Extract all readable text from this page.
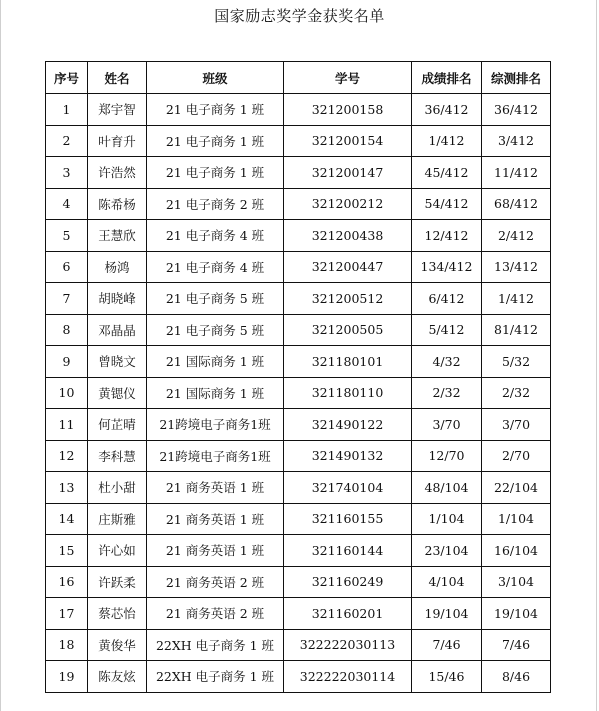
国家励志奖学金获奖名单
序号	姓名	班级	学号	成绩排名	综测排名
1	郑宇智	21 电子商务 1 班	321200158	36/412	36/412
2	叶育升	21 电子商务 1 班	321200154	1/412	3/412
3	许浩然	21 电子商务 1 班	321200147	45/412	11/412
4	陈希杨	21 电子商务 2 班	321200212	54/412	68/412
5	王慧欣	21 电子商务 4 班	321200438	12/412	2/412
6	杨鸿	21 电子商务 4 班	321200447	134/412	13/412
7	胡晓峰	21 电子商务 5 班	321200512	6/412	1/412
8	邓晶晶	21 电子商务 5 班	321200505	5/412	81/412
9	曾晓文	21 国际商务 1 班	321180101	4/32	5/32
10	黄锶仪	21 国际商务 1 班	321180110	2/32	2/32
11	何芷晴	21跨境电子商务1班	321490122	3/70	3/70
12	李科慧	21跨境电子商务1班	321490132	12/70	2/70
13	杜小甜	21 商务英语 1 班	321740104	48/104	22/104
14	庄斯雅	21 商务英语 1 班	321160155	1/104	1/104
15	许心如	21 商务英语 1 班	321160144	23/104	16/104
16	许跃柔	21 商务英语 2 班	321160249	4/104	3/104
17	蔡芯怡	21 商务英语 2 班	321160201	19/104	19/104
18	黄俊华	22XH 电子商务 1 班	322222030113	7/46	7/46
19	陈友炫	22XH 电子商务 1 班	322222030114	15/46	8/46
